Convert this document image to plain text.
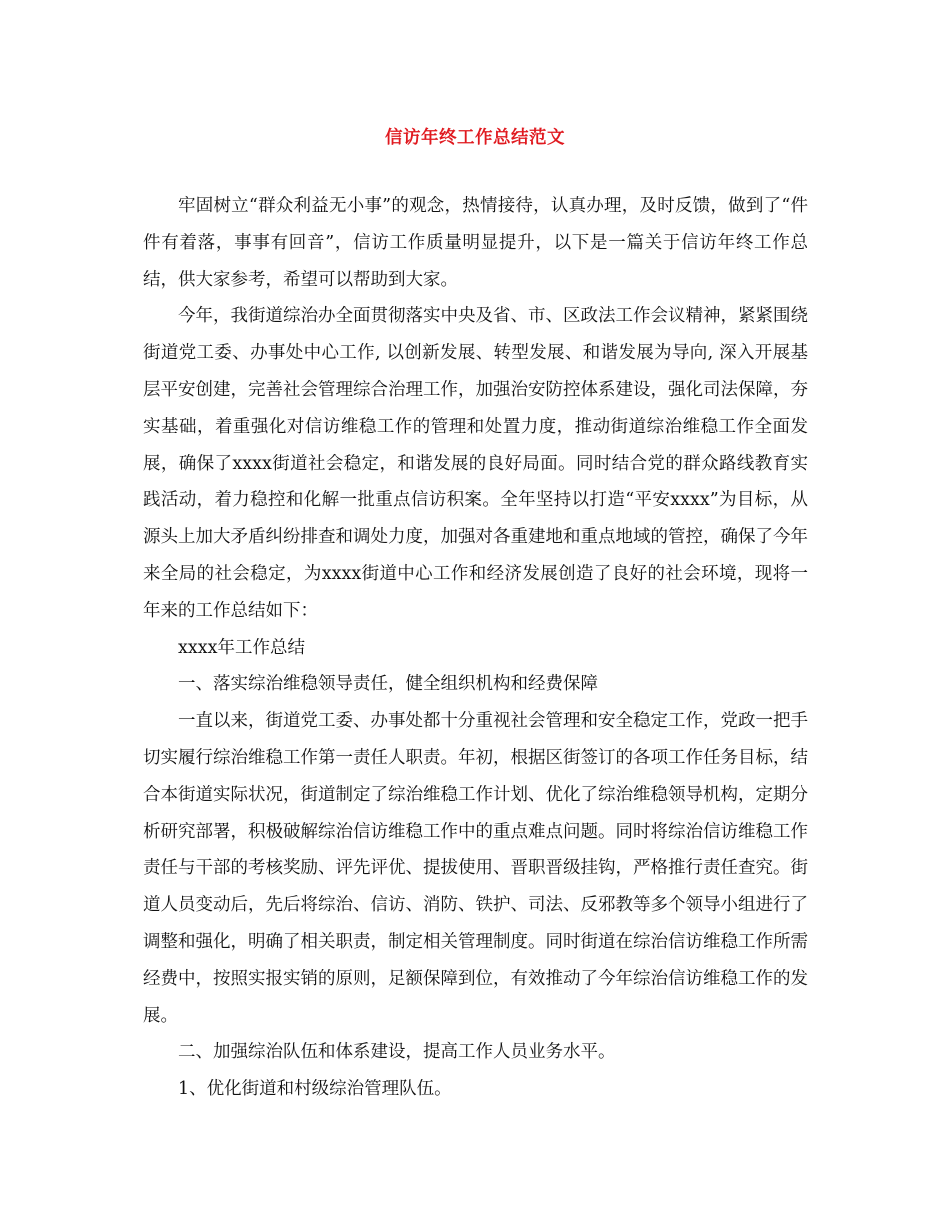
信访年终工作总结范文

牢固树立“群众利益无小事”的观念，热情接待，认真办理，及时反馈，做到了“件件有着落，事事有回音”，信访工作质量明显提升，以下是一篇关于信访年终工作总结，供大家参考，希望可以帮助到大家。

今年，我街道综治办全面贯彻落实中央及省、市、区政法工作会议精神，紧紧围绕街道党工委、办事处中心工作, 以创新发展、转型发展、和谐发展为导向, 深入开展基层平安创建，完善社会管理综合治理工作，加强治安防控体系建设，强化司法保障，夯实基础，着重强化对信访维稳工作的管理和处置力度，推动街道综治维稳工作全面发展，确保了xxxx街道社会稳定，和谐发展的良好局面。同时结合党的群众路线教育实践活动，着力稳控和化解一批重点信访积案。全年坚持以打造“平安xxxx”为目标，从源头上加大矛盾纠纷排查和调处力度，加强对各重建地和重点地域的管控，确保了今年来全局的社会稳定，为xxxx街道中心工作和经济发展创造了良好的社会环境，现将一年来的工作总结如下：

xxxx年工作总结

一、落实综治维稳领导责任，健全组织机构和经费保障

一直以来，街道党工委、办事处都十分重视社会管理和安全稳定工作，党政一把手切实履行综治维稳工作第一责任人职责。年初，根据区街签订的各项工作任务目标，结合本街道实际状况，街道制定了综治维稳工作计划、优化了综治维稳领导机构，定期分析研究部署，积极破解综治信访维稳工作中的重点难点问题。同时将综治信访维稳工作责任与干部的考核奖励、评先评优、提拔使用、晋职晋级挂钩，严格推行责任查究。街道人员变动后，先后将综治、信访、消防、铁护、司法、反邪教等多个领导小组进行了调整和强化，明确了相关职责，制定相关管理制度。同时街道在综治信访维稳工作所需经费中，按照实报实销的原则，足额保障到位，有效推动了今年综治信访维稳工作的发展。

二、加强综治队伍和体系建设，提高工作人员业务水平。

1、优化街道和村级综治管理队伍。
